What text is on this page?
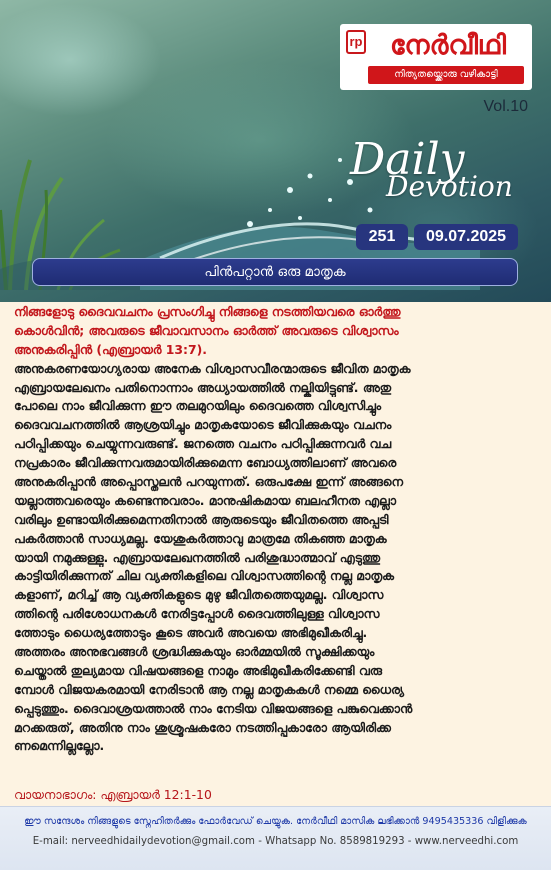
rp	നേർവീഥി
നിത്യതയ്ക്കൊരു വഴികാട്ടി
Vol.10
Daily
Devotion
251	09.07.2025
പിൻപറ്റാൻ ഒരു മാതൃക
നിങ്ങളോടു ദൈവവചനം പ്രസംഗിച്ചു നിങ്ങളെ നടത്തിയവരെ ഓർത്തു
കൊൾവിൻ; അവരുടെ ജീവാവസാനം ഓർത്ത് അവരുടെ വിശ്വാസം
അനുകരിപ്പിൻ (എബ്രായർ 13:7).
അനുകരണയോഗ്യരായ അനേക വിശ്വാസവീരന്മാരുടെ ജീവിത മാതൃക
എബ്രായലേഖനം പതിനൊന്നാം അധ്യായത്തിൽ നല്കിയിട്ടുണ്ട്. അതു
പോലെ നാം ജീവിക്കുന്ന ഈ തലമുറയിലും ദൈവത്തെ വിശ്വസിച്ചും
ദൈവവചനത്തിൽ ആശ്രയിച്ചും മാതൃകയോടെ ജീവിക്കുകയും വചനം
പഠിപ്പിക്കയും ചെയ്യുന്നവരുണ്ട്. ജനത്തെ വചനം പഠിപ്പിക്കുന്നവർ വച
നപ്രകാരം ജീവിക്കുന്നവരുമായിരിക്കുമെന്ന ബോധ്യത്തിലാണ് അവരെ
അനുകരിപ്പാൻ അപ്പൊസ്തലൻ പറയുന്നത്. ഒരുപക്ഷേ ഇന്ന് അങ്ങനെ
യല്ലാത്തവരെയും കണ്ടെന്നുവരാം. മാനുഷികമായ ബലഹീനത എല്ലാ
വരിലും ഉണ്ടായിരിക്കുമെന്നതിനാൽ ആരുടെയും ജീവിതത്തെ അപ്പടി
പകർത്താൻ സാധ്യമല്ല. യേശുകർത്താവു മാത്രമേ തികഞ്ഞ മാതൃക
യായി നമുക്കുള്ളു. എബ്രായലേഖനത്തിൽ പരിശുദ്ധാത്മാവ് എടുത്തു
കാട്ടിയിരിക്കുന്നത് ചില വ്യക്തികളിലെ വിശ്വാസത്തിന്റെ നല്ല മാതൃക
കളാണ്, മറിച്ച് ആ വ്യക്തികളുടെ മുഴു ജീവിതത്തെയുമല്ല. വിശ്വാസ
ത്തിന്റെ പരിശോധനകൾ നേരിട്ടപ്പോൾ ദൈവത്തിലുള്ള വിശ്വാസ
ത്തോടും ധൈര്യത്തോടും കൂടെ അവർ അവയെ അഭിമുഖീകരിച്ചു.
അത്തരം അനുഭവങ്ങൾ ശ്രദ്ധിക്കുകയും ഓർമ്മയിൽ സൂക്ഷിക്കയും
ചെയ്താൽ തുല്യമായ വിഷയങ്ങളെ നാമും അഭിമുഖീകരിക്കേണ്ടി വരു
മ്പോൾ വിജയകരമായി നേരിടാൻ ആ നല്ല മാതൃകകൾ നമ്മെ ധൈര്യ
പ്പെടുത്തും. ദൈവാശ്രയത്താൽ നാം നേടിയ വിജയങ്ങളെ പങ്കുവെക്കാൻ
മറക്കരുത്, അതിനു നാം ശുശ്രൂഷകരോ നടത്തിപ്പുകാരോ ആയിരിക്ക
ണമെന്നില്ലല്ലോ.
വായനാഭാഗം: എബ്രായർ 12:1-10
ഈ സന്ദേശം നിങ്ങളുടെ സ്നേഹിതർക്കും ഫോർവേഡ് ചെയ്യുക. നേർവീഥി മാസിക ലഭിക്കാൻ 9495435336 വിളിക്കുക
E-mail: nerveedhidailydevotion@gmail.com - Whatsapp No. 8589819293 - www.nerveedhi.com
